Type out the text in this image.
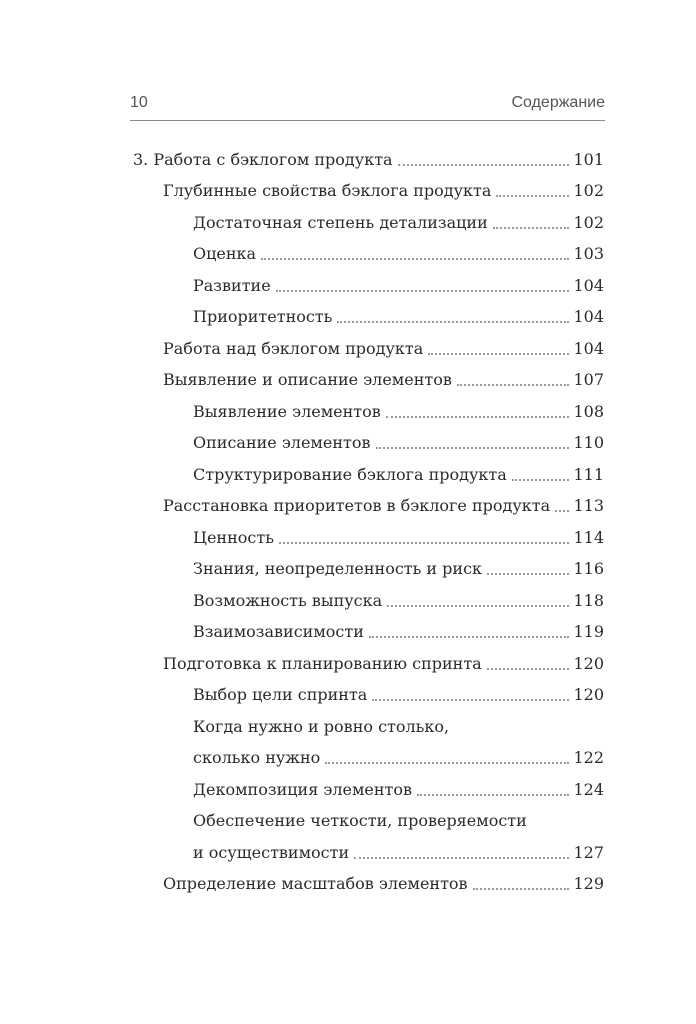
10	Содержание
3. Работа с бэклогом продукта	101
Глубинные свойства бэклога продукта	102
Достаточная степень детализации	102
Оценка	103
Развитие	104
Приоритетность	104
Работа над бэклогом продукта	104
Выявление и описание элементов	107
Выявление элементов	108
Описание элементов	110
Структурирование бэклога продукта	111
Расстановка приоритетов в бэклоге продукта 113
Ценность	114
Знания, неопределенность и риск	116
Возможность выпуска	118
Взаимозависимости	119
Подготовка к планированию спринта	120
Выбор цели спринта	120
Когда нужно и ровно столько,
сколько нужно	122
Декомпозиция элементов	124
Обеспечение четкости, проверяемости
и осуществимости	127
Определение масштабов элементов	129
